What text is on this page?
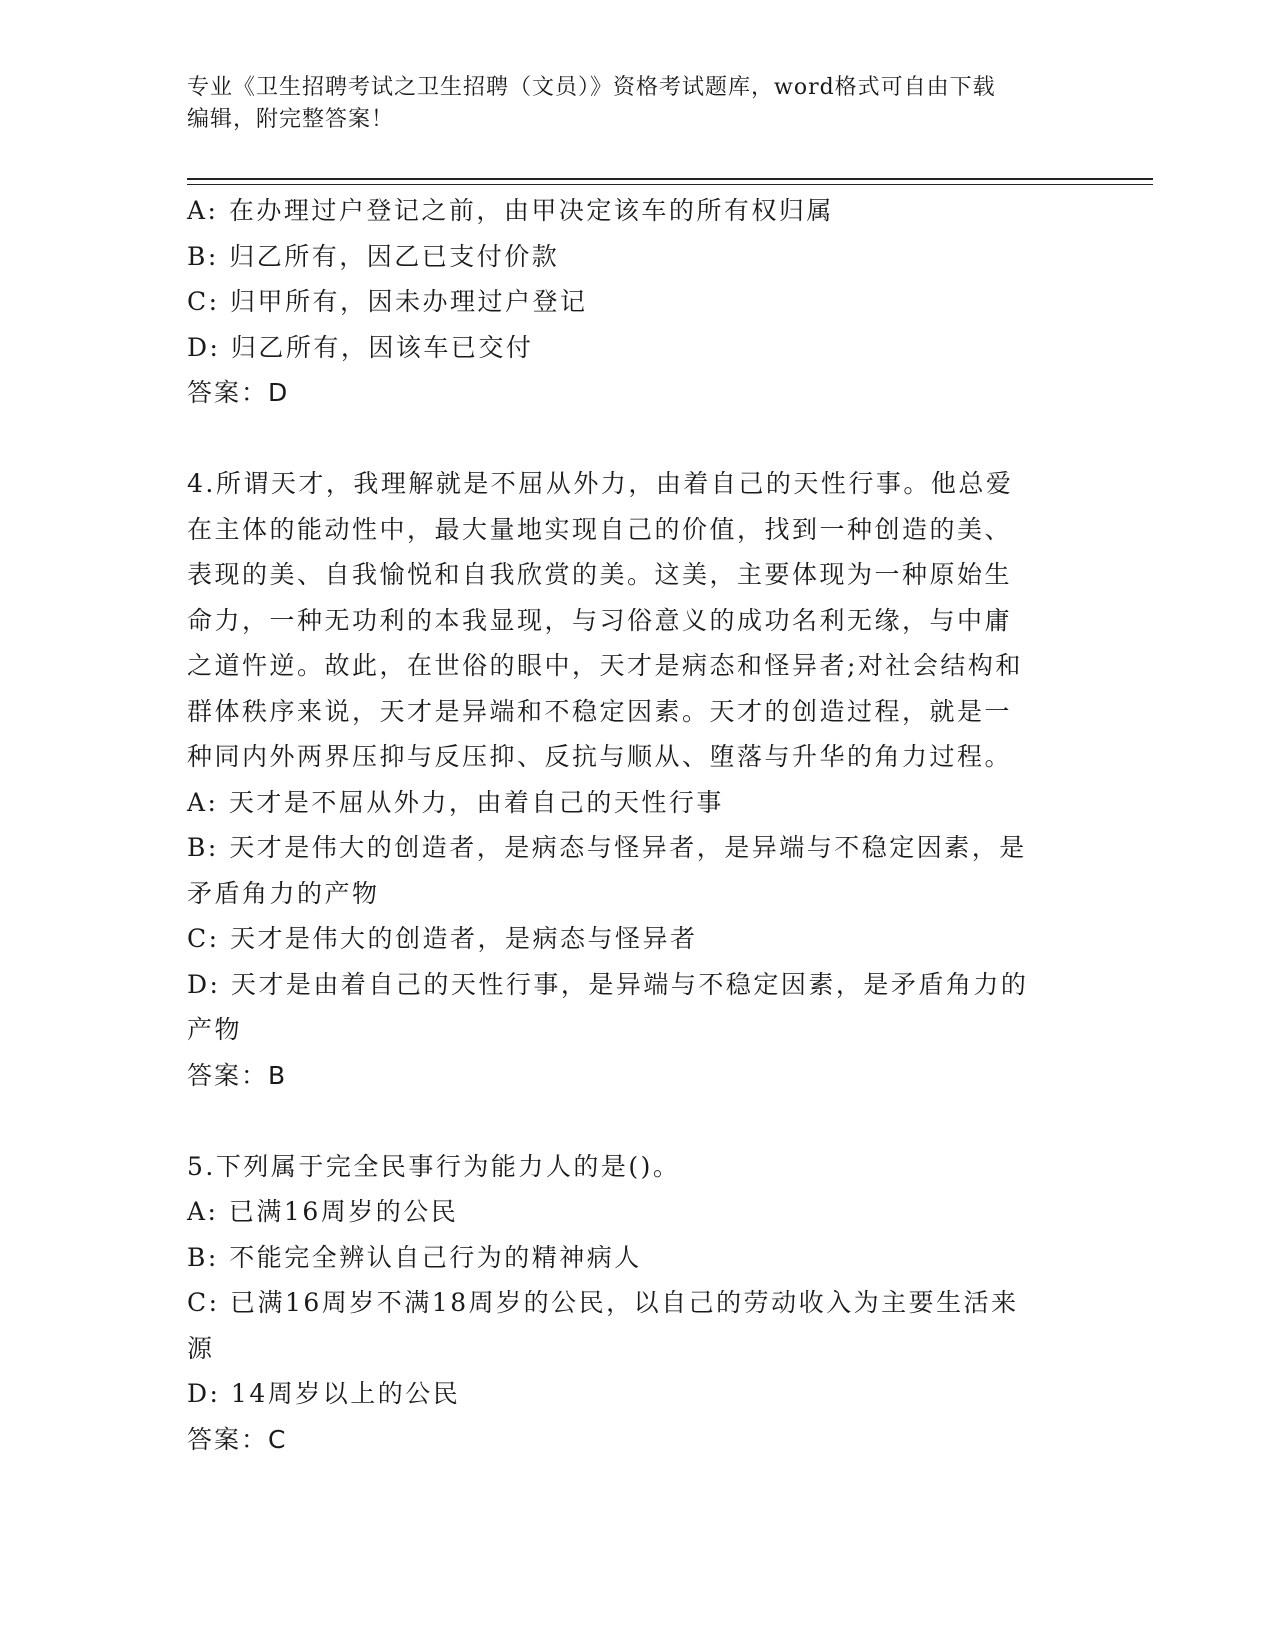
专业《卫生招聘考试之卫生招聘（文员）》资格考试题库，word格式可自由下载
编辑，附完整答案！
A: 在办理过户登记之前，由甲决定该车的所有权归属
B: 归乙所有，因乙已支付价款
C: 归甲所有，因未办理过户登记
D: 归乙所有，因该车已交付
答案：D
4.所谓天才，我理解就是不屈从外力，由着自己的天性行事。他总爱
在主体的能动性中，最大量地实现自己的价值，找到一种创造的美、
表现的美、自我愉悦和自我欣赏的美。这美，主要体现为一种原始生
命力，一种无功利的本我显现，与习俗意义的成功名利无缘，与中庸
之道忤逆。故此，在世俗的眼中，天才是病态和怪异者;对社会结构和
群体秩序来说，天才是异端和不稳定因素。天才的创造过程，就是一
种同内外两界压抑与反压抑、反抗与顺从、堕落与升华的角力过程。
A: 天才是不屈从外力，由着自己的天性行事
B: 天才是伟大的创造者，是病态与怪异者，是异端与不稳定因素，是
矛盾角力的产物
C: 天才是伟大的创造者，是病态与怪异者
D: 天才是由着自己的天性行事，是异端与不稳定因素，是矛盾角力的
产物
答案：B
5.下列属于完全民事行为能力人的是()。
A: 已满16周岁的公民
B: 不能完全辨认自己行为的精神病人
C: 已满16周岁不满18周岁的公民，以自己的劳动收入为主要生活来
源
D: 14周岁以上的公民
答案：C
